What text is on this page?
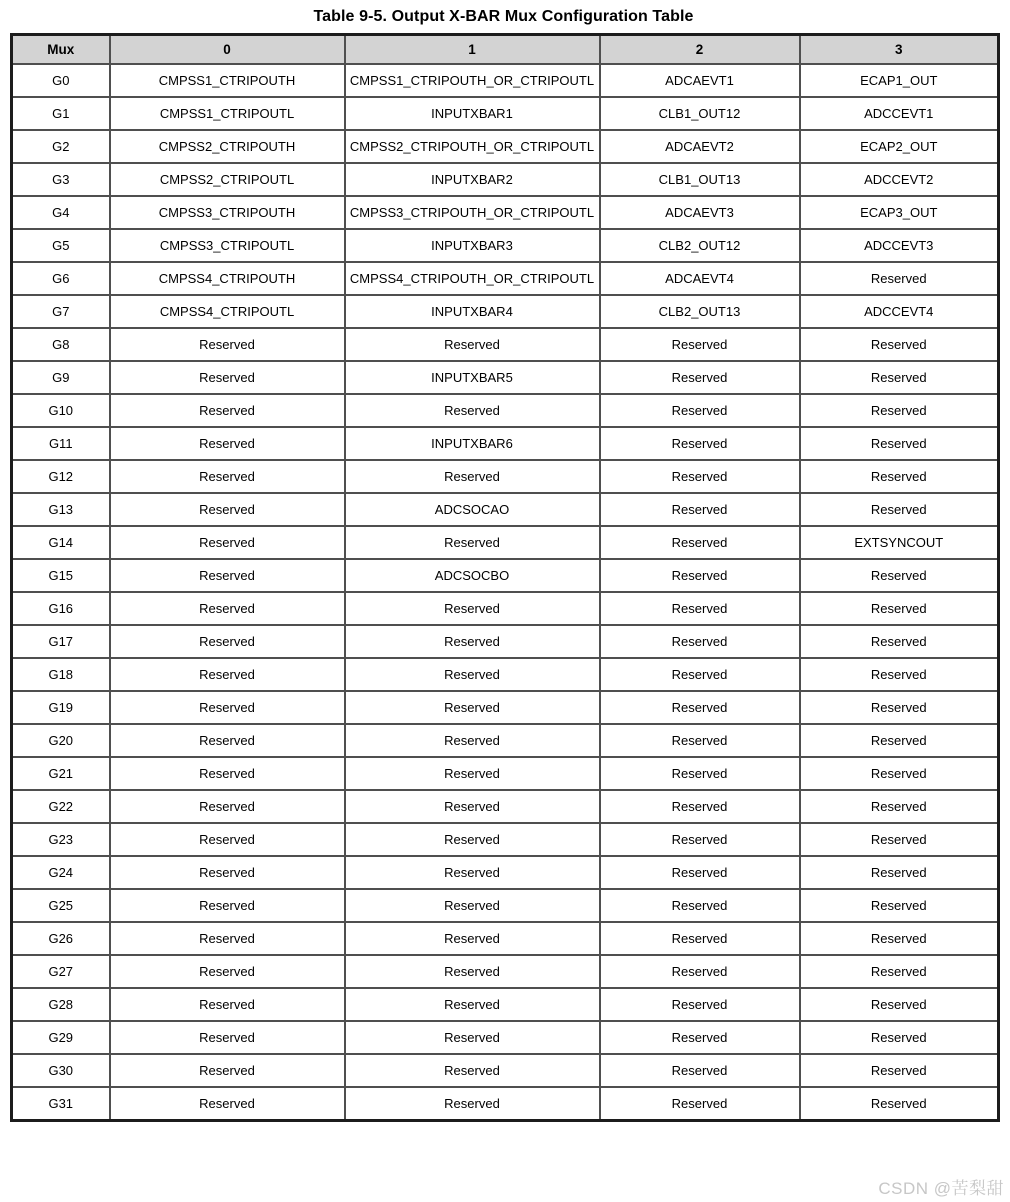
Table 9-5. Output X-BAR Mux Configuration Table
Mux	0	1	2	3
G0	CMPSS1_CTRIPOUTH	CMPSS1_CTRIPOUTH_OR_CTRIPOUTL	ADCAEVT1	ECAP1_OUT
G1	CMPSS1_CTRIPOUTL	INPUTXBAR1	CLB1_OUT12	ADCCEVT1
G2	CMPSS2_CTRIPOUTH	CMPSS2_CTRIPOUTH_OR_CTRIPOUTL	ADCAEVT2	ECAP2_OUT
G3	CMPSS2_CTRIPOUTL	INPUTXBAR2	CLB1_OUT13	ADCCEVT2
G4	CMPSS3_CTRIPOUTH	CMPSS3_CTRIPOUTH_OR_CTRIPOUTL	ADCAEVT3	ECAP3_OUT
G5	CMPSS3_CTRIPOUTL	INPUTXBAR3	CLB2_OUT12	ADCCEVT3
G6	CMPSS4_CTRIPOUTH	CMPSS4_CTRIPOUTH_OR_CTRIPOUTL	ADCAEVT4	Reserved
G7	CMPSS4_CTRIPOUTL	INPUTXBAR4	CLB2_OUT13	ADCCEVT4
G8	Reserved	Reserved	Reserved	Reserved
G9	Reserved	INPUTXBAR5	Reserved	Reserved
G10	Reserved	Reserved	Reserved	Reserved
G11	Reserved	INPUTXBAR6	Reserved	Reserved
G12	Reserved	Reserved	Reserved	Reserved
G13	Reserved	ADCSOCAO	Reserved	Reserved
G14	Reserved	Reserved	Reserved	EXTSYNCOUT
G15	Reserved	ADCSOCBO	Reserved	Reserved
G16	Reserved	Reserved	Reserved	Reserved
G17	Reserved	Reserved	Reserved	Reserved
G18	Reserved	Reserved	Reserved	Reserved
G19	Reserved	Reserved	Reserved	Reserved
G20	Reserved	Reserved	Reserved	Reserved
G21	Reserved	Reserved	Reserved	Reserved
G22	Reserved	Reserved	Reserved	Reserved
G23	Reserved	Reserved	Reserved	Reserved
G24	Reserved	Reserved	Reserved	Reserved
G25	Reserved	Reserved	Reserved	Reserved
G26	Reserved	Reserved	Reserved	Reserved
G27	Reserved	Reserved	Reserved	Reserved
G28	Reserved	Reserved	Reserved	Reserved
G29	Reserved	Reserved	Reserved	Reserved
G30	Reserved	Reserved	Reserved	Reserved
G31	Reserved	Reserved	Reserved	Reserved
CSDN @苦梨甜
